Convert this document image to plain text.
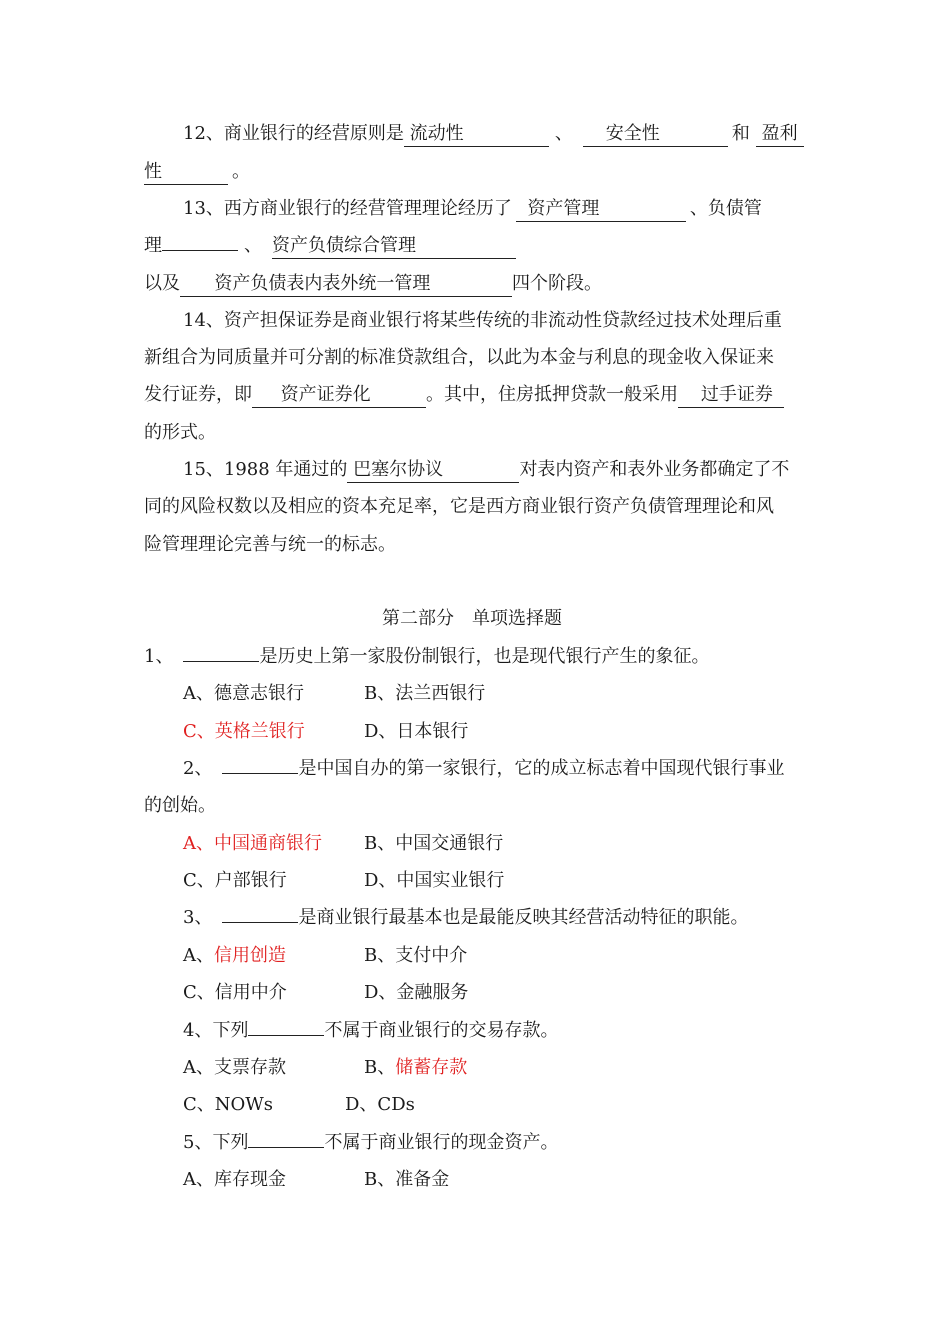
12、商业银行的经营原则是 流动性	、 安全性	和 盈利
性	。
13、西方商业银行的经营管理理论经历了 资产管理	、负债管
理	、 资产负债综合管理
以及 资产负债表内表外统一管理	四个阶段。
14、资产担保证券是商业银行将某些传统的非流动性贷款经过技术处理后重
新组合为同质量并可分割的标准贷款组合，以此为本金与利息的现金收入保证来
发行证券，即 资产证券化	。其中，住房抵押贷款一般采用 过手证券
的形式。
15、1988 年通过的 巴塞尔协议	对表内资产和表外业务都确定了不
同的风险权数以及相应的资本充足率，它是西方商业银行资产负债管理理论和风
险管理理论完善与统一的标志。
第二部分　单项选择题
1、	是历史上第一家股份制银行，也是现代银行产生的象征。
A、德意志银行	B、法兰西银行
C、英格兰银行	D、日本银行
2、	是中国自办的第一家银行，它的成立标志着中国现代银行事业
的创始。
A、中国通商银行 B、中国交通银行
C、户部银行	D、中国实业银行
3、	是商业银行最基本也是最能反映其经营活动特征的职能。
A、信用创造	B、支付中介
C、信用中介	D、金融服务
4、下列	不属于商业银行的交易存款。
A、支票存款	B、储蓄存款
C、NOWs	D、CDs
5、下列	不属于商业银行的现金资产。
A、库存现金	B、准备金
